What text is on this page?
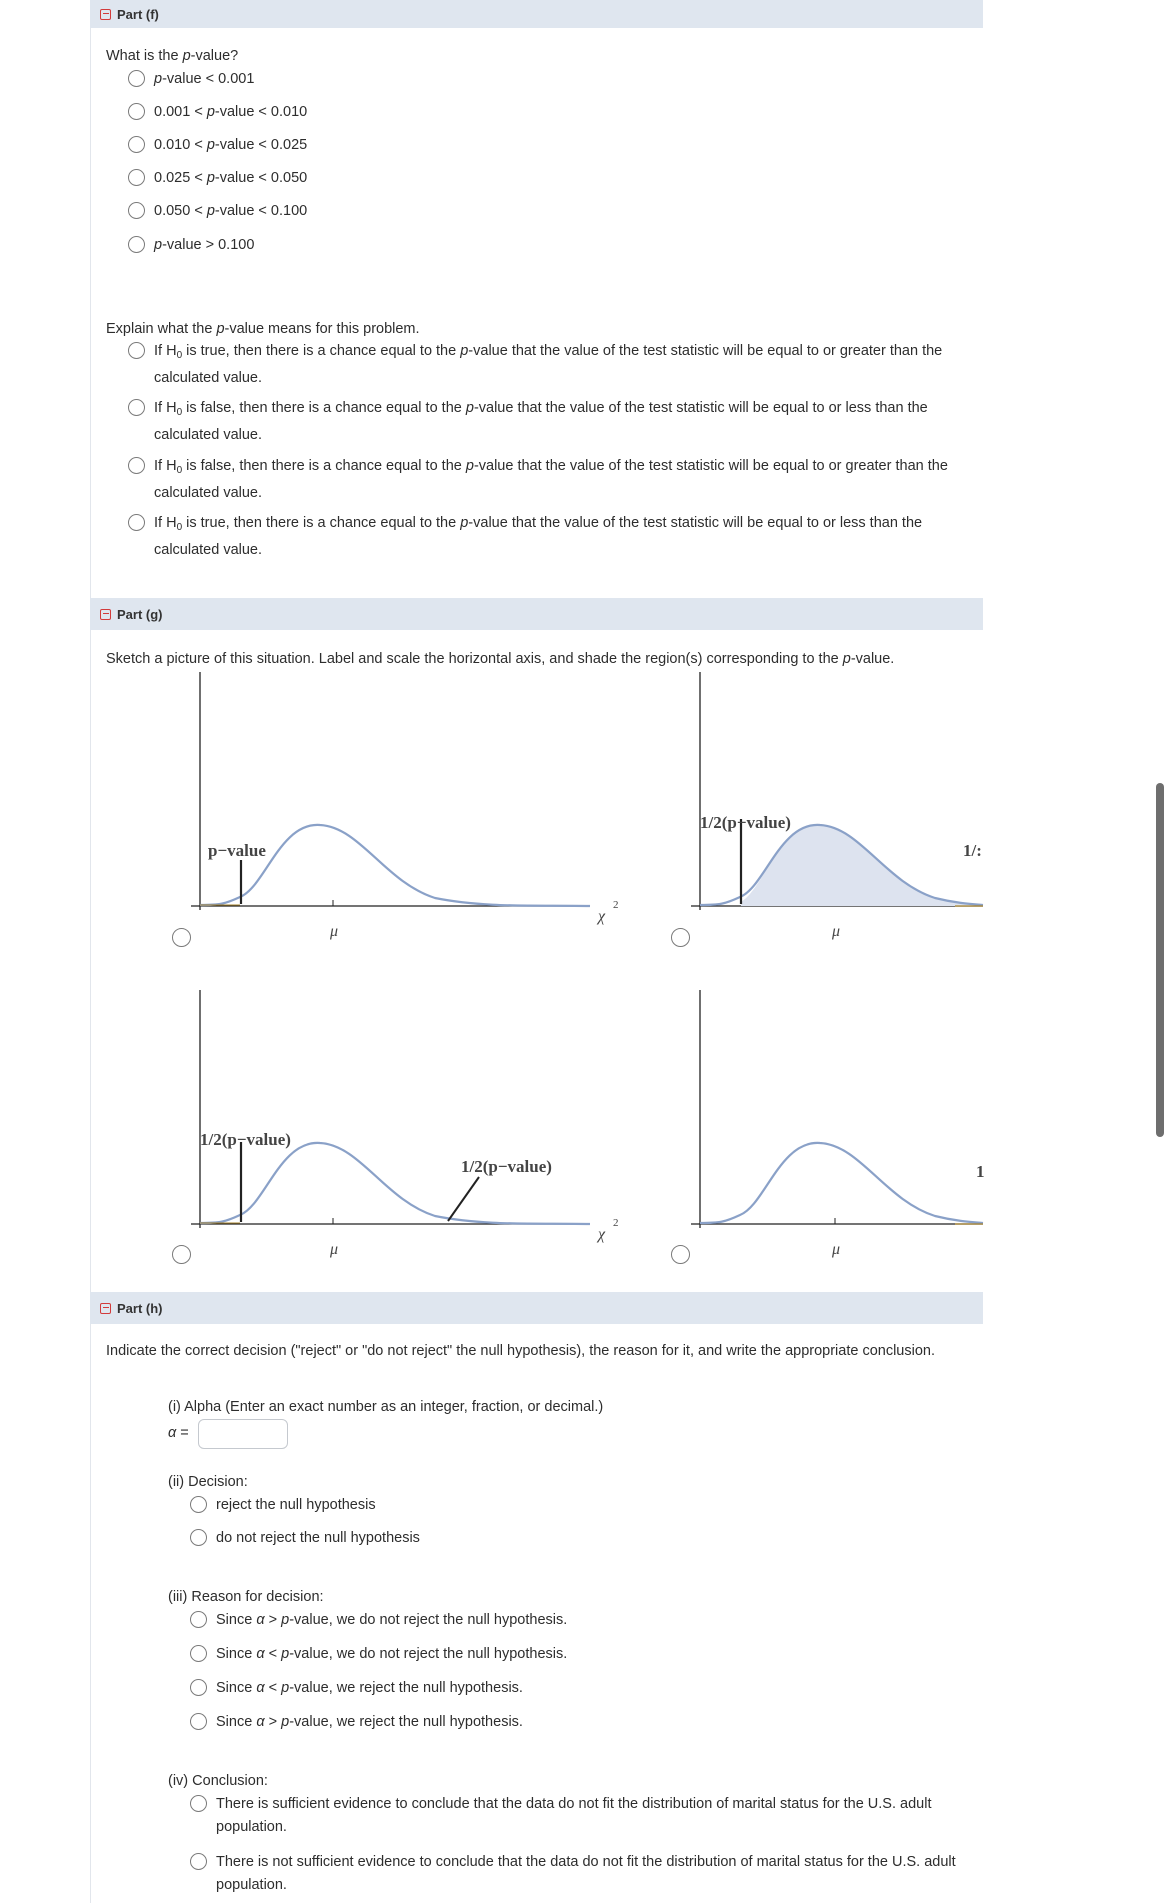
Part (f)
What is the p-value?
p-value < 0.001
0.001 < p-value < 0.010
0.010 < p-value < 0.025
0.025 < p-value < 0.050
0.050 < p-value < 0.100
p-value > 0.100
Explain what the p-value means for this problem.
If $H_0$ is true, then there is a chance equal to the p-value that the value of the test statistic will be equal to or greater than the calculated value.
If $H_0$ is false, then there is a chance equal to the p-value that the value of the test statistic will be equal to or less than the calculated value.
If $H_0$ is false, then there is a chance equal to the p-value that the value of the test statistic will be equal to or greater than the calculated value.
If $H_0$ is true, then there is a chance equal to the p-value that the value of the test statistic will be equal to or less than the calculated value.
Part (g)
Sketch a picture of this situation. Label and scale the horizontal axis, and shade the region(s) corresponding to the p-value.
p−value
μ
χ
2
1/2(p−value)
1/:
μ
1/2(p−value)
1/2(p−value)
μ
χ
2
1
μ
Part (h)
Indicate the correct decision ("reject" or "do not reject" the null hypothesis), the reason for it, and write the appropriate conclusion.
(i) Alpha (Enter an exact number as an integer, fraction, or decimal.)
α =
(ii) Decision:
reject the null hypothesis
do not reject the null hypothesis
(iii) Reason for decision:
Since α > p-value, we do not reject the null hypothesis.
Since α < p-value, we do not reject the null hypothesis.
Since α < p-value, we reject the null hypothesis.
Since α > p-value, we reject the null hypothesis.
(iv) Conclusion:
There is sufficient evidence to conclude that the data do not fit the distribution of marital status for the U.S. adult population.
There is not sufficient evidence to conclude that the data do not fit the distribution of marital status for the U.S. adult population.
